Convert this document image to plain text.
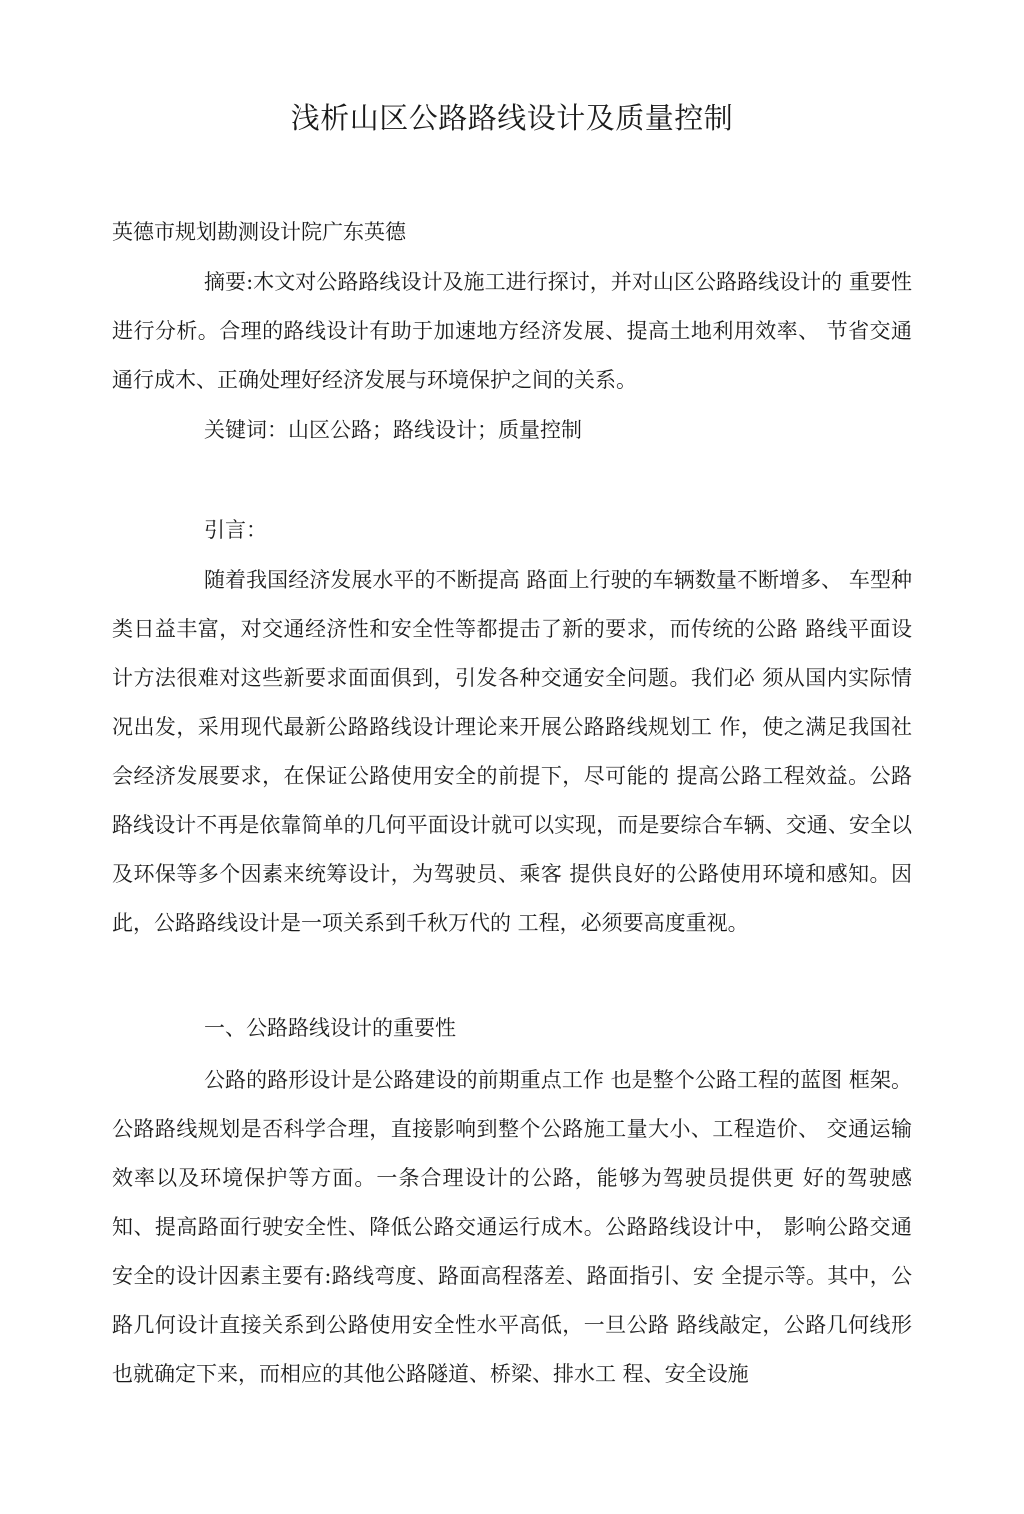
浅析山区公路路线设计及质量控制

英德市规划勘测设计院广东英德

摘要:木文对公路路线设计及施工进行探讨，并对山区公路路线设计的 重要性进行分析。合理的路线设计有助于加速地方经济发展、提高土地利用效率、 节省交通通行成木、正确处理好经济发展与环境保护之间的关系。

关键词：山区公路；路线设计；质量控制

引言：

随着我国经济发展水平的不断提高 路面上行驶的车辆数量不断增多、 车型种类日益丰富，对交通经济性和安全性等都提击了新的要求，而传统的公路 路线平面设计方法很难对这些新要求面面俱到，引发各种交通安全问题。我们必 须从国内实际情况出发，采用现代最新公路路线设计理论来开展公路路线规划工 作，使之满足我国社会经济发展要求，在保证公路使用安全的前提下，尽可能的 提高公路工程效益。公路路线设计不再是依靠简单的几何平面设计就可以实现，而是要综合车辆、交通、安全以及环保等多个因素来统筹设计，为驾驶员、乘客 提供良好的公路使用环境和感知。因此，公路路线设计是一项关系到千秋万代的 工程，必须要高度重视。

一、公路路线设计的重要性

公路的路形设计是公路建设的前期重点工作 也是整个公路工程的蓝图 框架。公路路线规划是否科学合理，直接影响到整个公路施工量大小、工程造价、 交通运输效率以及环境保护等方面。一条合理设计的公路，能够为驾驶员提供更 好的驾驶感知、提高路面行驶安全性、降低公路交通运行成木。公路路线设计中， 影响公路交通安全的设计因素主要有:路线弯度、路面高程落差、路面指引、安 全提示等。其中，公路几何设计直接关系到公路使用安全性水平高低，一旦公路 路线敲定，公路几何线形也就确定下来，而相应的其他公路隧道、桥梁、排水工 程、安全设施
